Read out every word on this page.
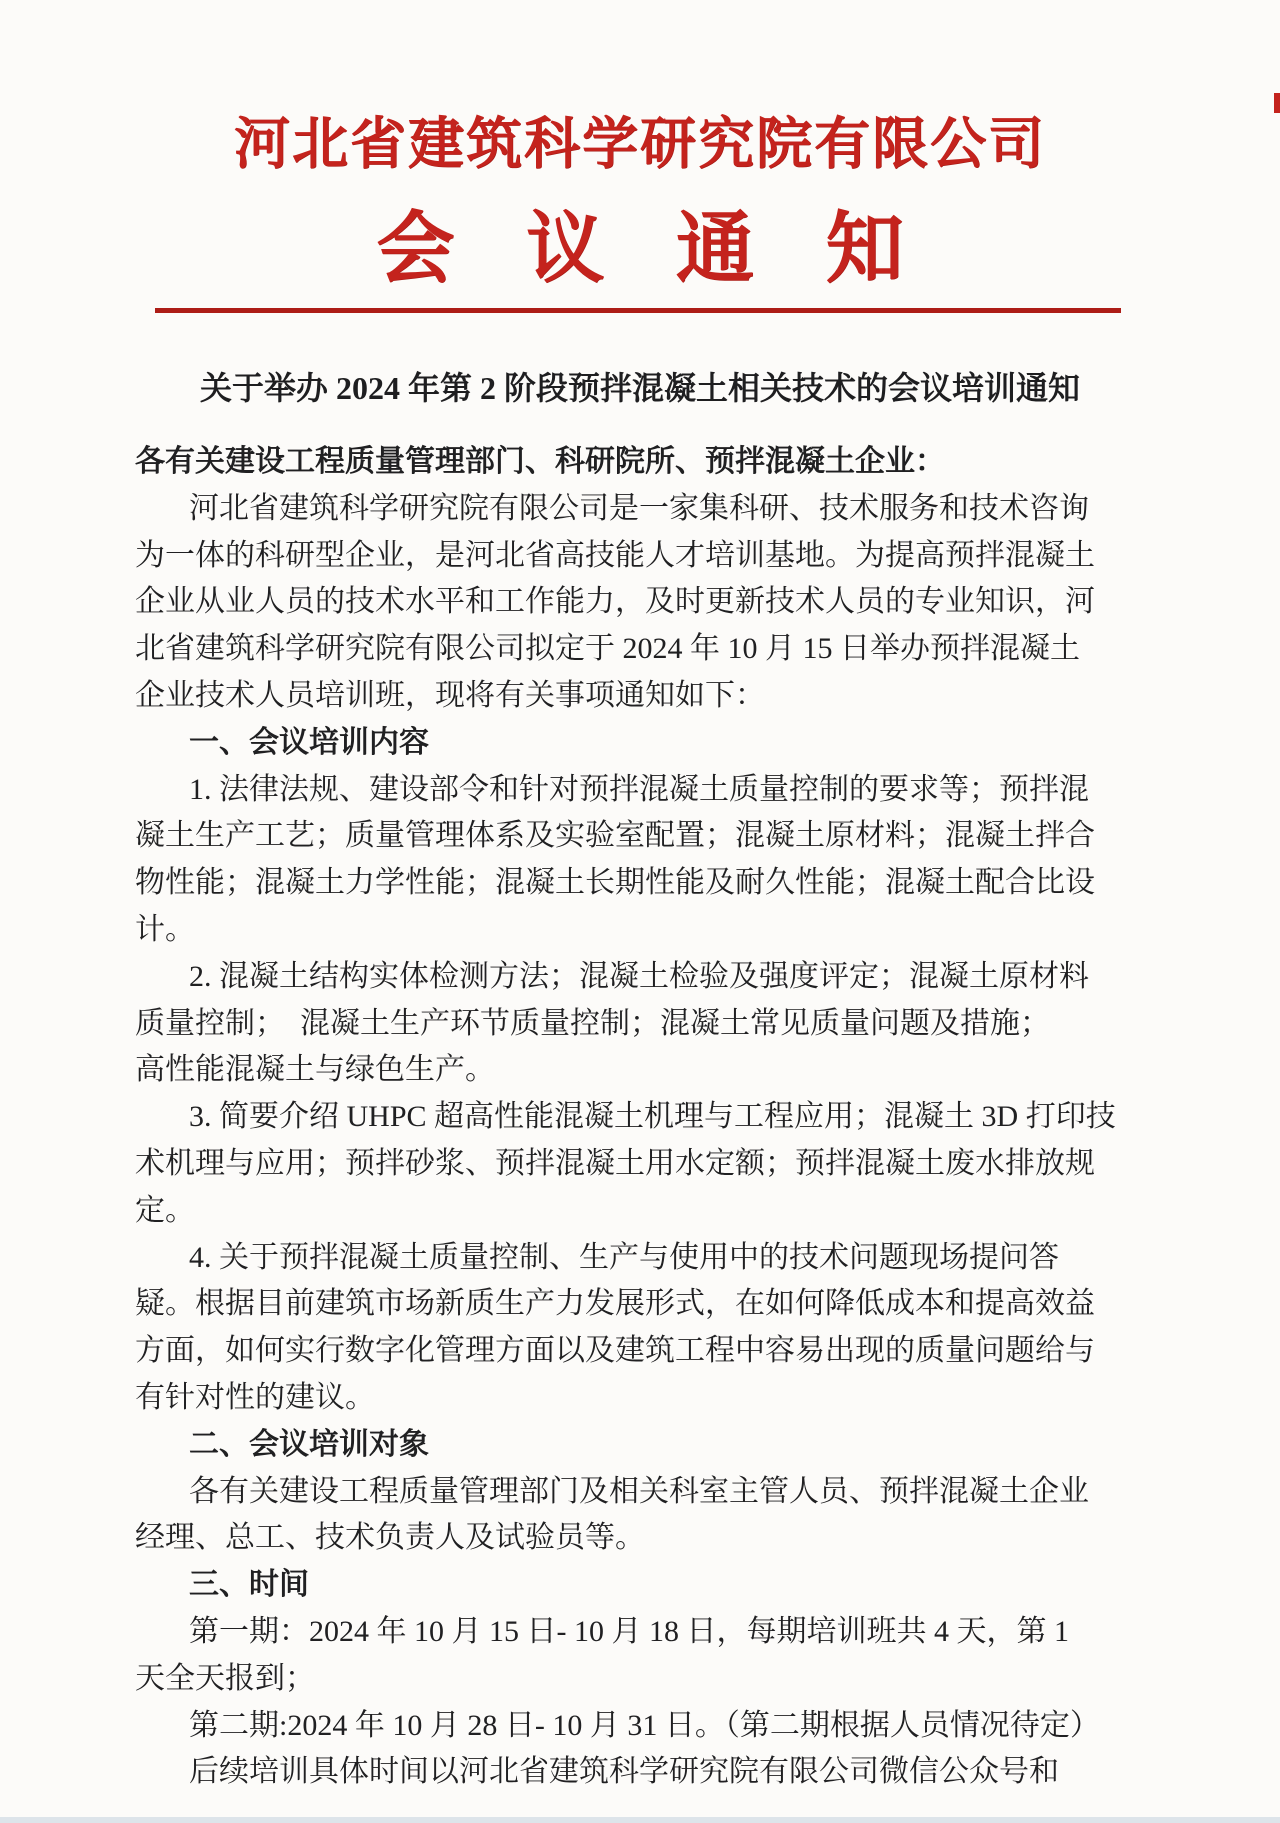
河北省建筑科学研究院有限公司
会议通知
关于举办 2024 年第 2 阶段预拌混凝土相关技术的会议培训通知
各有关建设工程质量管理部门、科研院所、预拌混凝土企业：
河北省建筑科学研究院有限公司是一家集科研、技术服务和技术咨询
为一体的科研型企业，是河北省高技能人才培训基地。为提高预拌混凝土
企业从业人员的技术水平和工作能力，及时更新技术人员的专业知识，河
北省建筑科学研究院有限公司拟定于 2024 年 10 月 15 日举办预拌混凝土
企业技术人员培训班，现将有关事项通知如下：
一、会议培训内容
1. 法律法规、建设部令和针对预拌混凝土质量控制的要求等；预拌混
凝土生产工艺；质量管理体系及实验室配置；混凝土原材料；混凝土拌合
物性能；混凝土力学性能；混凝土长期性能及耐久性能；混凝土配合比设
计。
2. 混凝土结构实体检测方法；混凝土检验及强度评定；混凝土原材料
质量控制；  混凝土生产环节质量控制；混凝土常见质量问题及措施；
高性能混凝土与绿色生产。
3. 简要介绍 UHPC 超高性能混凝土机理与工程应用；混凝土 3D 打印技
术机理与应用；预拌砂浆、预拌混凝土用水定额；预拌混凝土废水排放规
定。
4. 关于预拌混凝土质量控制、生产与使用中的技术问题现场提问答
疑。根据目前建筑市场新质生产力发展形式，在如何降低成本和提高效益
方面，如何实行数字化管理方面以及建筑工程中容易出现的质量问题给与
有针对性的建议。
二、会议培训对象
各有关建设工程质量管理部门及相关科室主管人员、预拌混凝土企业
经理、总工、技术负责人及试验员等。
三、时间
第一期：2024 年 10 月 15 日- 10 月 18 日，每期培训班共 4 天，第 1
天全天报到；
第二期:2024 年 10 月 28 日- 10 月 31 日。（第二期根据人员情况待定）
后续培训具体时间以河北省建筑科学研究院有限公司微信公众号和
